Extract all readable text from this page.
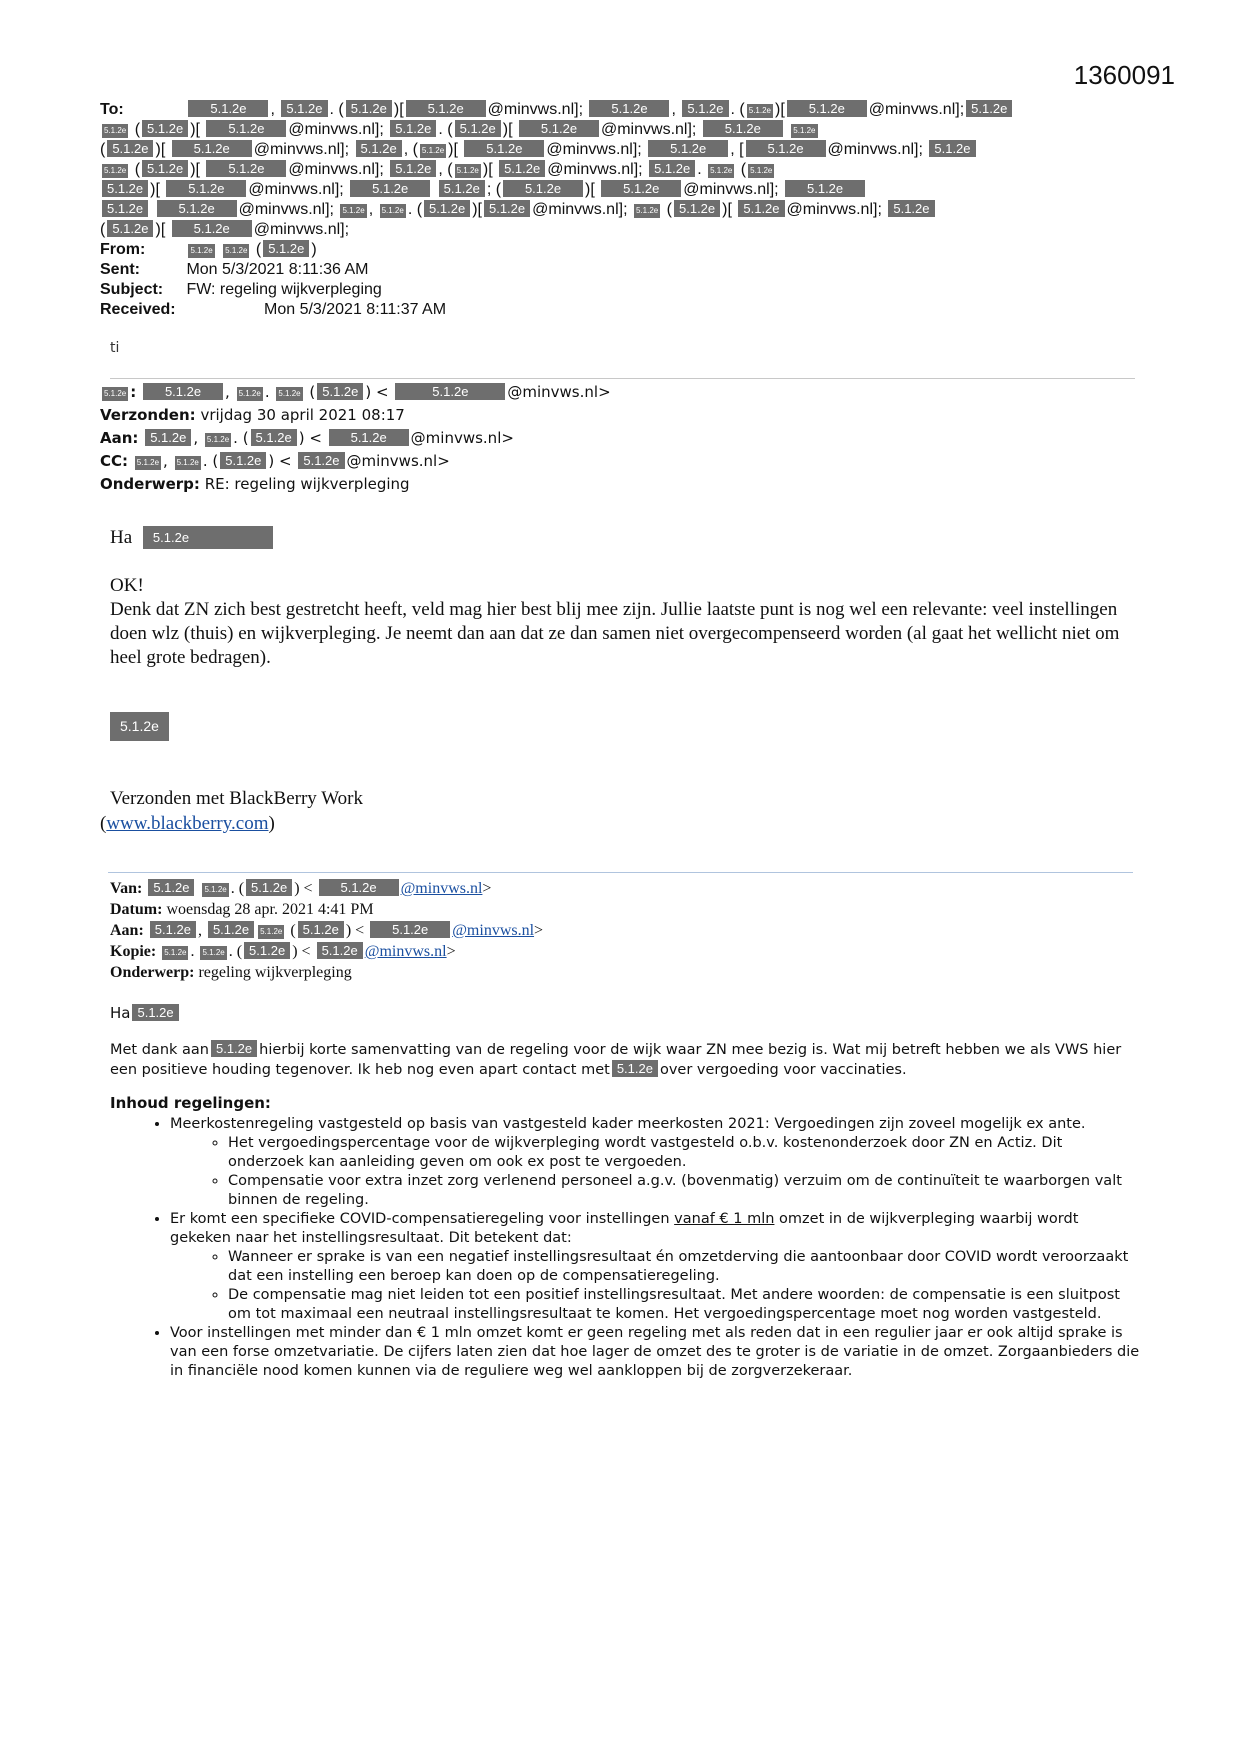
1360091
To:	5.1.2e , 5.1.2e . ( 5.1.2e )[ 5.1.2e @minvws.nl]; 5.1.2e , 5.1.2e . ( 5.1.2e )[ 5.1.2e @minvws.nl]; 5.1.2e
5.1.2e ( 5.1.2e )[ 5.1.2e @minvws.nl]; 5.1.2e . ( 5.1.2e )[ 5.1.2e @minvws.nl]; 5.1.2e	5.1.2e
( 5.1.2e )[ 5.1.2e @minvws.nl]; 5.1.2e , ( 5.1.2e )[ 5.1.2e @minvws.nl]; 5.1.2e , [ 5.1.2e @minvws.nl]; 5.1.2e
5.1.2e ( 5.1.2e )[ 5.1.2e @minvws.nl]; 5.1.2e , ( 5.1.2e )[ 5.1.2e @minvws.nl]; 5.1.2e . 5.1.2e ( 5.1.2e
5.1.2e )[ 5.1.2e @minvws.nl]; 5.1.2e	5.1.2e ; ( 5.1.2e )[ 5.1.2e @minvws.nl]; 5.1.2e
5.1.2e	5.1.2e @minvws.nl]; 5.1.2e , 5.1.2e . ( 5.1.2e )[ 5.1.2e @minvws.nl]; 5.1.2e ( 5.1.2e )[ 5.1.2e @minvws.nl]; 5.1.2e
( 5.1.2e )[ 5.1.2e @minvws.nl];
From:	5.1.2e 5.1.2e ( 5.1.2e )
Sent:	Mon 5/3/2021 8:11:36 AM
Subject: FW: regeling wijkverpleging
Received:	Mon 5/3/2021 8:11:37 AM
ti
5.1.2e : 5.1.2e , 5.1.2e . 5.1.2e ( 5.1.2e ) <	5.1.2e	@minvws.nl>
Verzonden: vrijdag 30 april 2021 08:17
Aan: 5.1.2e , 5.1.2e . ( 5.1.2e ) < 5.1.2e @minvws.nl>
CC: 5.1.2e , 5.1.2e . ( 5.1.2e ) < 5.1.2e @minvws.nl>
Onderwerp: RE: regeling wijkverpleging
Ha 5.1.2e

OK!

Denk dat ZN zich best gestretcht heeft, veld mag hier best blij mee zijn. Jullie laatste punt is nog wel een relevante: veel instellingen doen wlz (thuis) en wijkverpleging. Je neemt dan aan dat ze dan samen niet overgecompenseerd worden (al gaat het wellicht niet om heel grote bedragen).

5.1.2e
Verzonden met BlackBerry Work
(www.blackberry.com)
Van: 5.1.2e 5.1.2e . ( 5.1.2e ) < 5.1.2e @minvws.nl>
Datum: woensdag 28 apr. 2021 4:41 PM
Aan: 5.1.2e , 5.1.2e 5.1.2e ( 5.1.2e ) < 5.1.2e @minvws.nl>
Kopie: 5.1.2e . 5.1.2e . ( 5.1.2e ) < 5.1.2e @minvws.nl>
Onderwerp: regeling wijkverpleging
Ha 5.1.2e

Met dank aan 5.1.2e hierbij korte samenvatting van de regeling voor de wijk waar ZN mee bezig is. Wat mij betreft hebben we als VWS hier een positieve houding tegenover. Ik heb nog even apart contact met 5.1.2e over vergoeding voor vaccinaties.

Inhoud regelingen:
• Meerkostenregeling vastgesteld op basis van vastgesteld kader meerkosten 2021: Vergoedingen zijn zoveel mogelijk ex ante.
◦ Het vergoedingspercentage voor de wijkverpleging wordt vastgesteld o.b.v. kostenonderzoek door ZN en Actiz. Dit onderzoek kan aanleiding geven om ook ex post te vergoeden.
◦ Compensatie voor extra inzet zorg verlenend personeel a.g.v. (bovenmatig) verzuim om de continuïteit te waarborgen valt binnen de regeling.
• Er komt een specifieke COVID-compensatieregeling voor instellingen vanaf € 1 mln omzet in de wijkverpleging waarbij wordt gekeken naar het instellingsresultaat. Dit betekent dat:
◦ Wanneer er sprake is van een negatief instellingsresultaat én omzetderving die aantoonbaar door COVID wordt veroorzaakt dat een instelling een beroep kan doen op de compensatieregeling.
◦ De compensatie mag niet leiden tot een positief instellingsresultaat. Met andere woorden: de compensatie is een sluitpost om tot maximaal een neutraal instellingsresultaat te komen. Het vergoedingspercentage moet nog worden vastgesteld.
• Voor instellingen met minder dan € 1 mln omzet komt er geen regeling met als reden dat in een regulier jaar er ook altijd sprake is van een forse omzetvariatie. De cijfers laten zien dat hoe lager de omzet des te groter is de variatie in de omzet. Zorgaanbieders die in financiële nood komen kunnen via de reguliere weg wel aankloppen bij de zorgverzekeraar.
